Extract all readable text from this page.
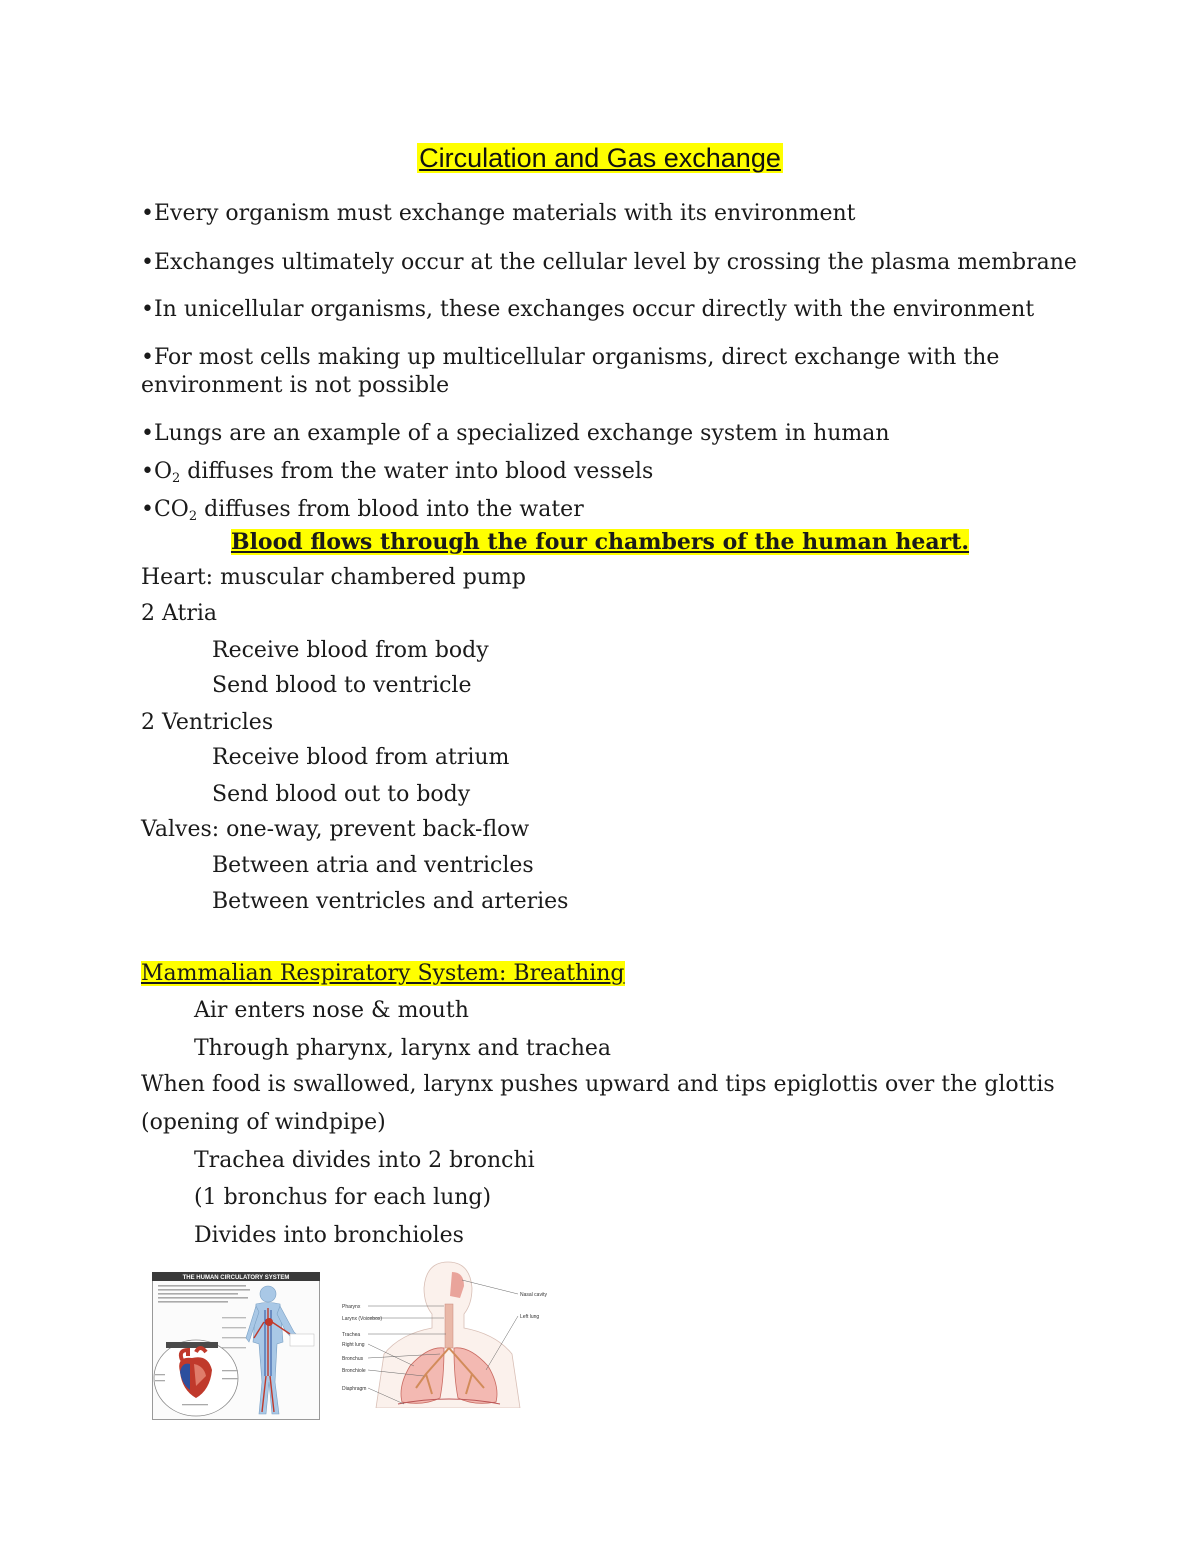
Circulation and Gas exchange
•Every organism must exchange materials with its environment
•Exchanges ultimately occur at the cellular level by crossing the plasma membrane
•In unicellular organisms, these exchanges occur directly with the environment
•For most cells making up multicellular organisms, direct exchange with the
environment is not possible
•Lungs are an example of a specialized exchange system in human
$•O_2$ diffuses from the water into blood vessels
$•CO_2$ diffuses from blood into the water
Blood flows through the four chambers of the human heart.
Heart: muscular chambered pump
2 Atria
Receive blood from body
Send blood to ventricle
2 Ventricles
Receive blood from atrium
Send blood out to body
Valves: one-way, prevent back-flow
Between atria and ventricles
Between ventricles and arteries
Mammalian Respiratory System: Breathing
Air enters nose & mouth
Through pharynx, larynx and trachea
When food is swallowed, larynx pushes upward and tips epiglottis over the glottis
(opening of windpipe)
Trachea divides into 2 bronchi
(1 bronchus for each lung)
Divides into bronchioles
THE HUMAN CIRCULATORY SYSTEM
Pharynx
Larynx (Voicebox)
Trachea
Right lung
Bronchus
Bronchiole
Diaphragm
Nasal cavity
Left lung
